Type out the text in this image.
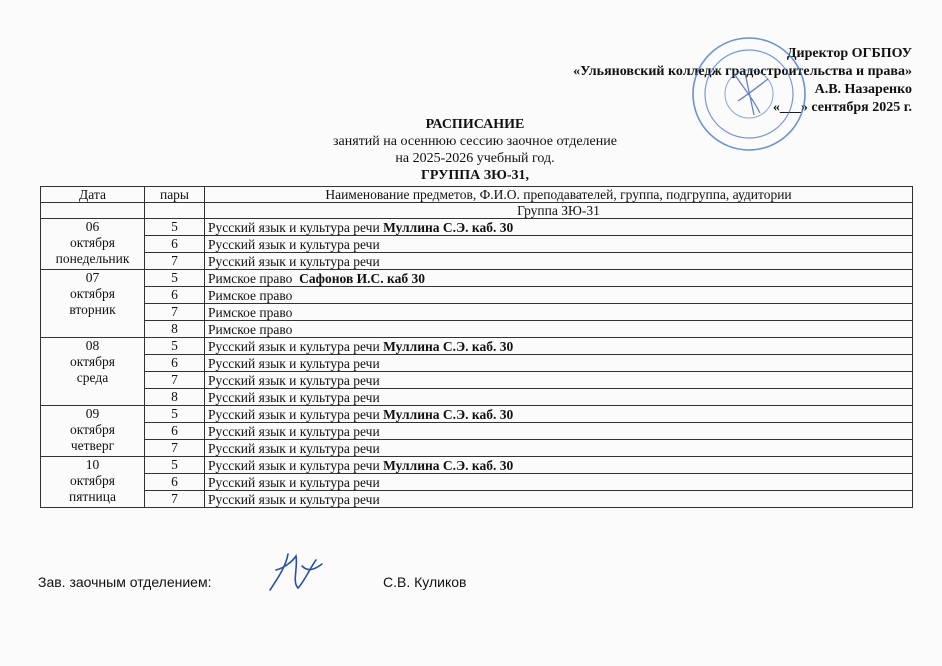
Директор ОГБПОУ
«Ульяновский колледж градостроительства и права»
А.В. Назаренко
«___» сентября 2025 г.
РАСПИСАНИЕ
занятий на осеннюю сессию заочное отделение
на 2025-2026 учебный год.
ГРУППА ЗЮ-31,
Дата	пары	Наименование предметов, Ф.И.О. преподавателей, группа, подгруппа, аудитории
		Группа ЗЮ-31

06
октября
понедельник	5	Русский язык и культура речи Муллина С.Э. каб. 30
	6	Русский язык и культура речи
	7	Русский язык и культура речи

07
октября
вторник	5	Римское право  Сафонов И.С. каб 30
	6	Римское право
	7	Римское право
	8	Римское право

08
октября
среда	5	Русский язык и культура речи Муллина С.Э. каб. 30
	6	Русский язык и культура речи
	7	Русский язык и культура речи
	8	Русский язык и культура речи

09
октября
четверг	5	Русский язык и культура речи Муллина С.Э. каб. 30
	6	Русский язык и культура речи
	7	Русский язык и культура речи

10
октября
пятница	5	Русский язык и культура речи Муллина С.Э. каб. 30
	6	Русский язык и культура речи
	7	Русский язык и культура речи
Зав. заочным отделением:	С.В. Куликов
